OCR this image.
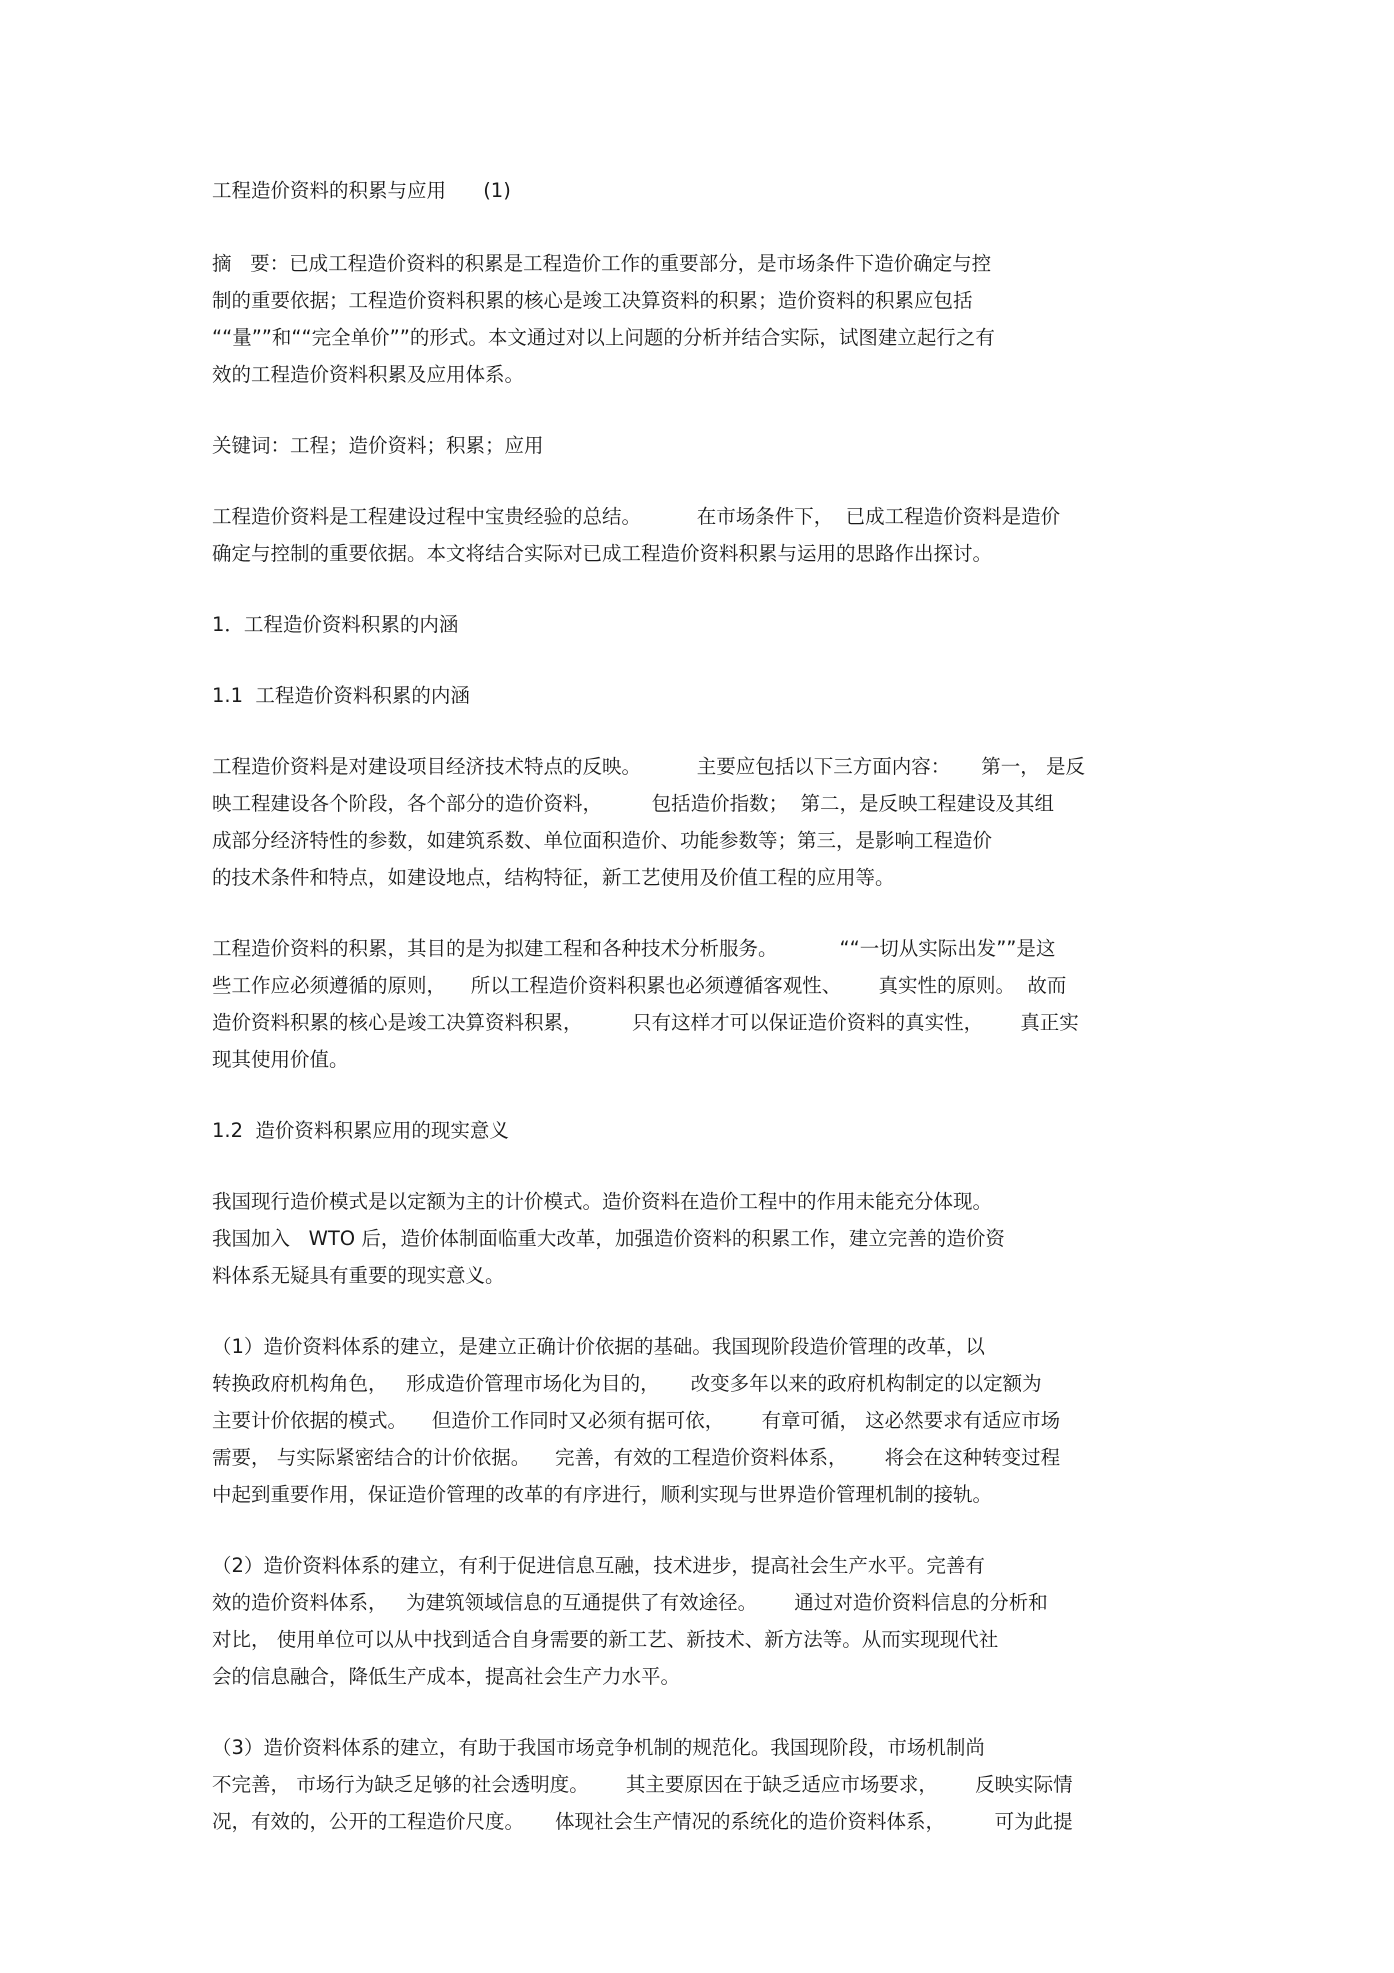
工程造价资料的积累与应用      (1)
摘   要：已成工程造价资料的积累是工程造价工作的重要部分，是市场条件下造价确定与控
制的重要依据；工程造价资料积累的核心是竣工决算资料的积累；造价资料的积累应包括
““量””和““完全单价””的形式。本文通过对以上问题的分析并结合实际，试图建立起行之有
效的工程造价资料积累及应用体系。
关键词：工程；造价资料；积累；应用
工程造价资料是工程建设过程中宝贵经验的总结。         在市场条件下，  已成工程造价资料是造价
确定与控制的重要依据。本文将结合实际对已成工程造价资料积累与运用的思路作出探讨。
1．工程造价资料积累的内涵
1.1  工程造价资料积累的内涵
工程造价资料是对建设项目经济技术特点的反映。         主要应包括以下三方面内容：     第一， 是反
映工程建设各个阶段，各个部分的造价资料，        包括造价指数；  第二，是反映工程建设及其组
成部分经济特性的参数，如建筑系数、单位面积造价、功能参数等；第三，是影响工程造价
的技术条件和特点，如建设地点，结构特征，新工艺使用及价值工程的应用等。
工程造价资料的积累，其目的是为拟建工程和各种技术分析服务。          ““一切从实际出发””是这
些工作应必须遵循的原则，    所以工程造价资料积累也必须遵循客观性、      真实性的原则。  故而
造价资料积累的核心是竣工决算资料积累，        只有这样才可以保证造价资料的真实性，      真正实
现其使用价值。
1.2  造价资料积累应用的现实意义
我国现行造价模式是以定额为主的计价模式。造价资料在造价工程中的作用未能充分体现。
我国加入   WTO 后，造价体制面临重大改革，加强造价资料的积累工作，建立完善的造价资
料体系无疑具有重要的现实意义。
（1）造价资料体系的建立，是建立正确计价依据的基础。我国现阶段造价管理的改革，以
转换政府机构角色，   形成造价管理市场化为目的，     改变多年以来的政府机构制定的以定额为
主要计价依据的模式。    但造价工作同时又必须有据可依，      有章可循， 这必然要求有适应市场
需要， 与实际紧密结合的计价依据。    完善，有效的工程造价资料体系，      将会在这种转变过程
中起到重要作用，保证造价管理的改革的有序进行，顺利实现与世界造价管理机制的接轨。
（2）造价资料体系的建立，有利于促进信息互融，技术进步，提高社会生产水平。完善有
效的造价资料体系，   为建筑领域信息的互通提供了有效途径。      通过对造价资料信息的分析和
对比， 使用单位可以从中找到适合自身需要的新工艺、新技术、新方法等。从而实现现代社
会的信息融合，降低生产成本，提高社会生产力水平。
（3）造价资料体系的建立，有助于我国市场竞争机制的规范化。我国现阶段，市场机制尚
不完善， 市场行为缺乏足够的社会透明度。      其主要原因在于缺乏适应市场要求，      反映实际情
况，有效的，公开的工程造价尺度。     体现社会生产情况的系统化的造价资料体系，        可为此提
